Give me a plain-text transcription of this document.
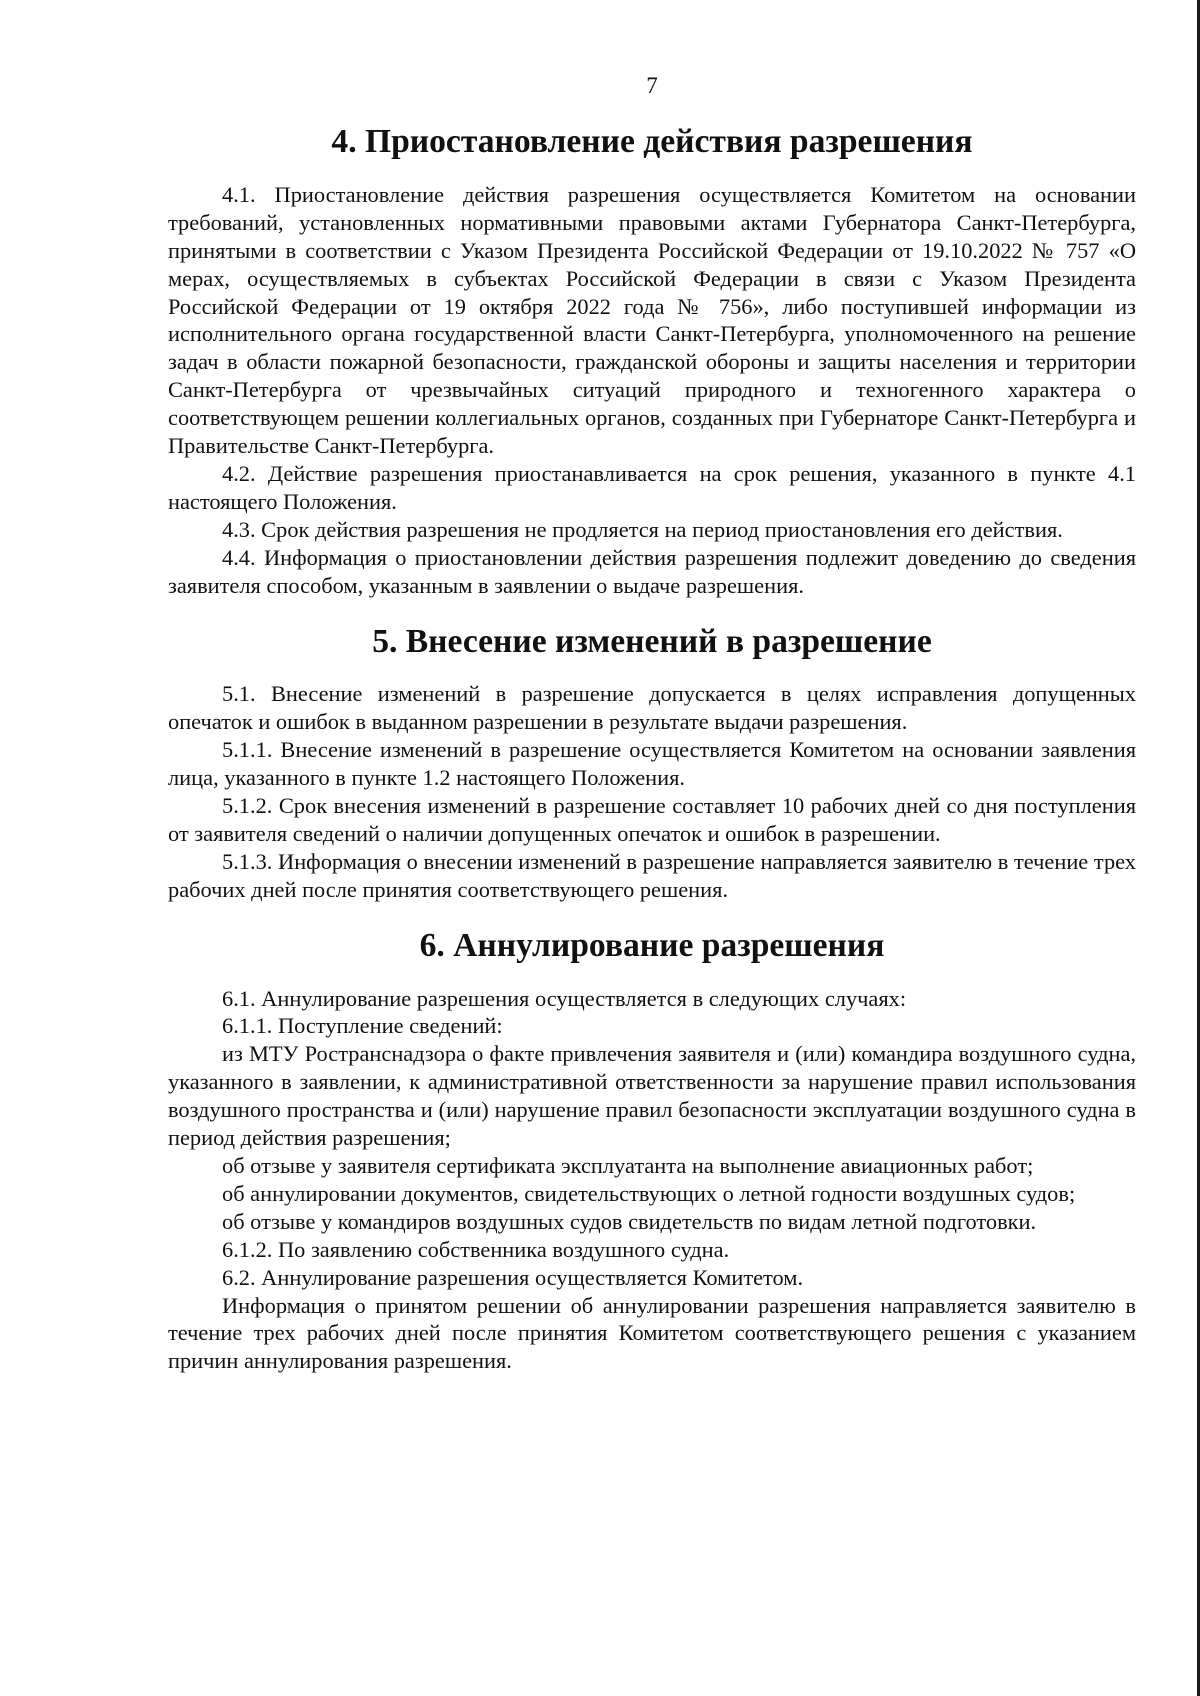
7
4. Приостановление действия разрешения

4.1. Приостановление действия разрешения осуществляется Комитетом на основании требований, установленных нормативными правовыми актами Губернатора Санкт-Петербурга, принятыми в соответствии с Указом Президента Российской Федерации от 19.10.2022 № 757 «О мерах, осуществляемых в субъектах Российской Федерации в связи с Указом Президента Российской Федерации от 19 октября 2022 года № 756», либо поступившей информации из исполнительного органа государственной власти Санкт-Петербурга, уполномоченного на решение задач в области пожарной безопасности, гражданской обороны и защиты населения и территории Санкт-Петербурга от чрезвычайных ситуаций природного и техногенного характера о соответствующем решении коллегиальных органов, созданных при Губернаторе Санкт-Петербурга и Правительстве Санкт-Петербурга.

4.2. Действие разрешения приостанавливается на срок решения, указанного в пункте 4.1 настоящего Положения.

4.3. Срок действия разрешения не продляется на период приостановления его действия.

4.4. Информация о приостановлении действия разрешения подлежит доведению до сведения заявителя способом, указанным в заявлении о выдаче разрешения.

5. Внесение изменений в разрешение

5.1. Внесение изменений в разрешение допускается в целях исправления допущенных опечаток и ошибок в выданном разрешении в результате выдачи разрешения.

5.1.1. Внесение изменений в разрешение осуществляется Комитетом на основании заявления лица, указанного в пункте 1.2 настоящего Положения.

5.1.2. Срок внесения изменений в разрешение составляет 10 рабочих дней со дня поступления от заявителя сведений о наличии допущенных опечаток и ошибок в разрешении.

5.1.3. Информация о внесении изменений в разрешение направляется заявителю в течение трех рабочих дней после принятия соответствующего решения.

6. Аннулирование разрешения

6.1. Аннулирование разрешения осуществляется в следующих случаях:

6.1.1. Поступление сведений:

из МТУ Ространснадзора о факте привлечения заявителя и (или) командира воздушного судна, указанного в заявлении, к административной ответственности за нарушение правил использования воздушного пространства и (или) нарушение правил безопасности эксплуатации воздушного судна в период действия разрешения;

об отзыве у заявителя сертификата эксплуатанта на выполнение авиационных работ;

об аннулировании документов, свидетельствующих о летной годности воздушных судов;

об отзыве у командиров воздушных судов свидетельств по видам летной подготовки.

6.1.2. По заявлению собственника воздушного судна.

6.2. Аннулирование разрешения осуществляется Комитетом.

Информация о принятом решении об аннулировании разрешения направляется заявителю в течение трех рабочих дней после принятия Комитетом соответствующего решения с указанием причин аннулирования разрешения.
